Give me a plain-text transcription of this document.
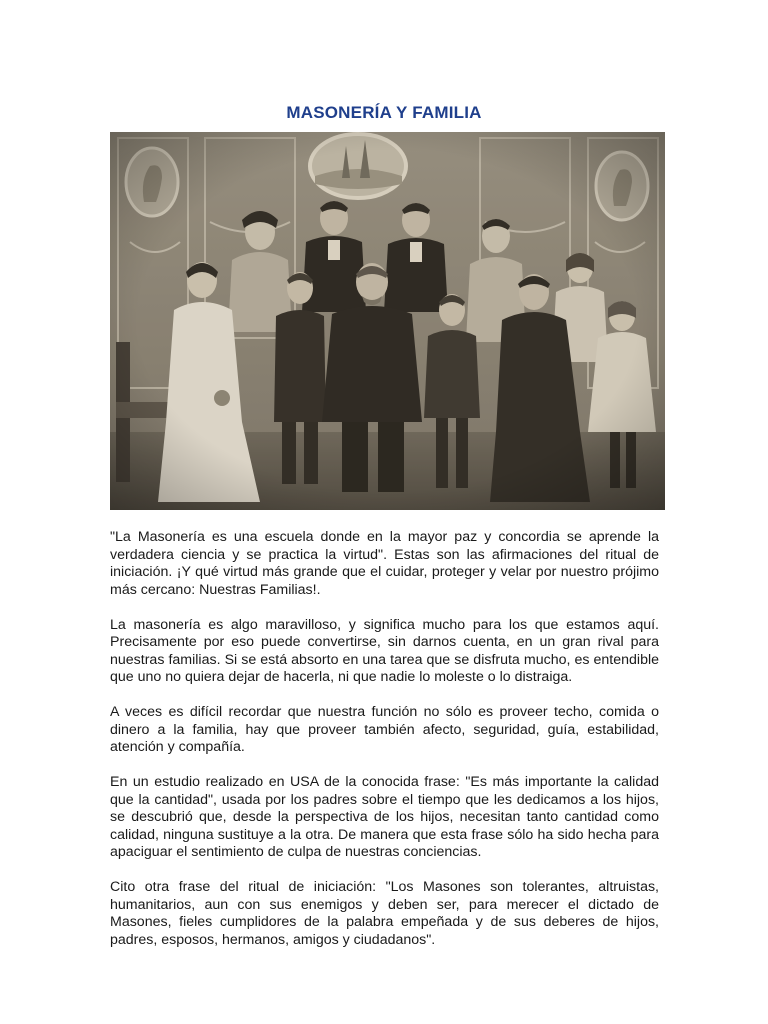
MASONERÍA Y FAMILIA

"La Masonería es una escuela donde en la mayor paz y concordia se aprende la verdadera ciencia y se practica la virtud". Estas son las afirmaciones del ritual de iniciación. ¡Y qué virtud más grande que el cuidar, proteger y velar por nuestro prójimo más cercano: Nuestras Familias!.

La masonería es algo maravilloso, y significa mucho para los que estamos aquí. Precisamente por eso puede convertirse, sin darnos cuenta, en un gran rival para nuestras familias. Si se está absorto en una tarea que se disfruta mucho, es entendible que uno no quiera dejar de hacerla, ni que nadie lo moleste o lo distraiga.

A veces es difícil recordar que nuestra función no sólo es proveer techo, comida o dinero a la familia, hay que proveer también afecto, seguridad, guía, estabilidad, atención y compañía.

En un estudio realizado en USA de la conocida frase: "Es más importante la calidad que la cantidad", usada por los padres sobre el tiempo que les dedicamos a los hijos, se descubrió que, desde la perspectiva de los hijos, necesitan tanto cantidad como calidad, ninguna sustituye a la otra. De manera que esta frase sólo ha sido hecha para apaciguar el sentimiento de culpa de nuestras conciencias.

Cito otra frase del ritual de iniciación: "Los Masones son tolerantes, altruistas, humanitarios, aun con sus enemigos y deben ser, para merecer el dictado de Masones, fieles cumplidores de la palabra empeñada y de sus deberes de hijos, padres, esposos, hermanos, amigos y ciudadanos".
